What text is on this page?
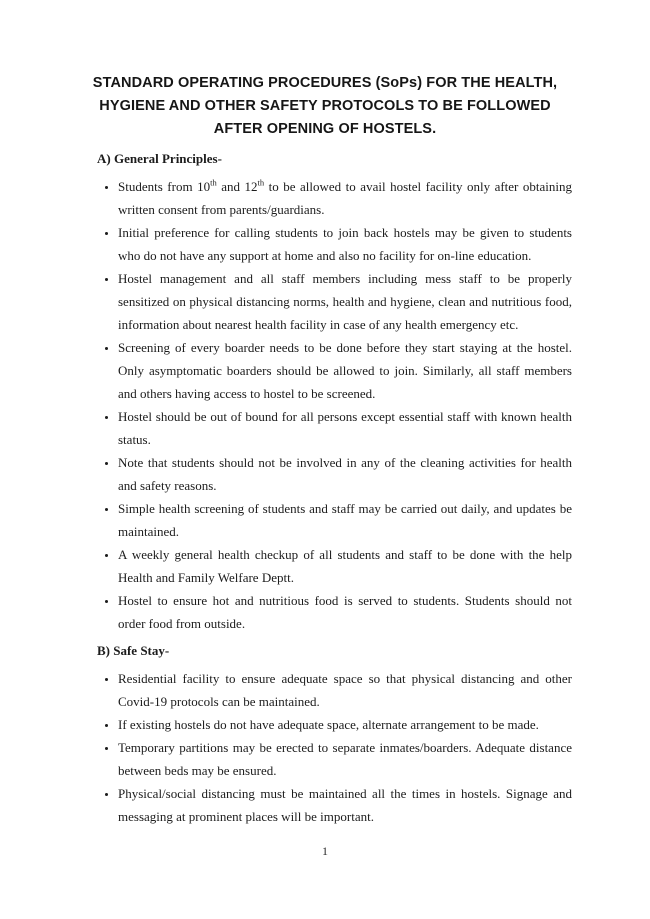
STANDARD OPERATING PROCEDURES (SoPs) FOR THE HEALTH,
HYGIENE AND OTHER SAFETY PROTOCOLS TO BE FOLLOWED
AFTER OPENING OF HOSTELS.
A) General Principles-
• Students from 10th and 12th to be allowed to avail hostel facility only after obtaining written consent from parents/guardians.
• Initial preference for calling students to join back hostels may be given to students who do not have any support at home and also no facility for on-line education.
• Hostel management and all staff members including mess staff to be properly sensitized on physical distancing norms, health and hygiene, clean and nutritious food, information about nearest health facility in case of any health emergency etc.
• Screening of every boarder needs to be done before they start staying at the hostel. Only asymptomatic boarders should be allowed to join. Similarly, all staff members and others having access to hostel to be screened.
• Hostel should be out of bound for all persons except essential staff with known health status.
• Note that students should not be involved in any of the cleaning activities for health and safety reasons.
• Simple health screening of students and staff may be carried out daily, and updates be maintained.
• A weekly general health checkup of all students and staff to be done with the help Health and Family Welfare Deptt.
• Hostel to ensure hot and nutritious food is served to students. Students should not order food from outside.
B) Safe Stay-
• Residential facility to ensure adequate space so that physical distancing and other Covid-19 protocols can be maintained.
• If existing hostels do not have adequate space, alternate arrangement to be made.
• Temporary partitions may be erected to separate inmates/boarders. Adequate distance between beds may be ensured.
• Physical/social distancing must be maintained all the times in hostels. Signage and messaging at prominent places will be important.
1
